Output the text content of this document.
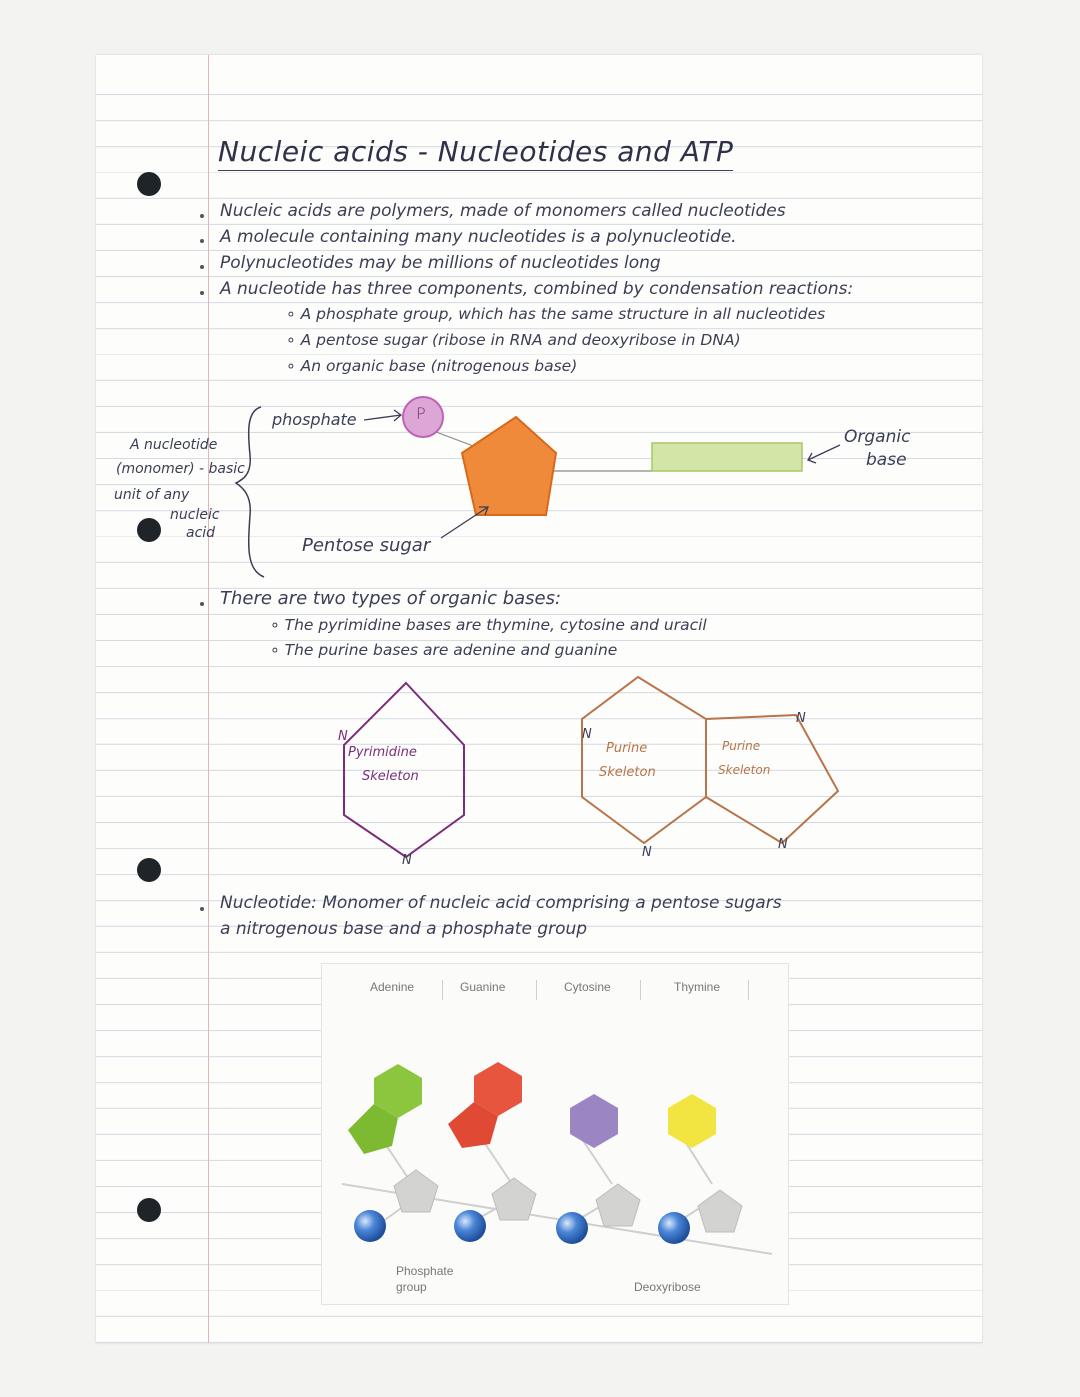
Nucleic acids - Nucleotides and ATP
Nucleic acids are polymers, made of monomers called nucleotides
A molecule containing many nucleotides is a polynucleotide.
Polynucleotides may be millions of nucleotides long
A nucleotide has three components, combined by condensation reactions:
∘ A phosphate group, which has the same structure in all nucleotides
∘ A pentose sugar (ribose in RNA and deoxyribose in DNA)
∘ An organic base (nitrogenous base)
P
phosphate
Pentose sugar
Organic
base
A nucleotide
(monomer) - basic
unit of any
nucleic
acid
There are two types of organic bases:
∘ The pyrimidine bases are thymine, cytosine and uracil
∘ The purine bases are adenine and guanine
N
N
N
N
N
N
Pyrimidine
Skeleton
Purine
Skeleton
Purine
Skeleton
Nucleotide: Monomer of nucleic acid comprising a pentose sugars
a nitrogenous base and a phosphate group
Adenine	Guanine	Cytosine	Thymine
Phosphate
group	Deoxyribose
